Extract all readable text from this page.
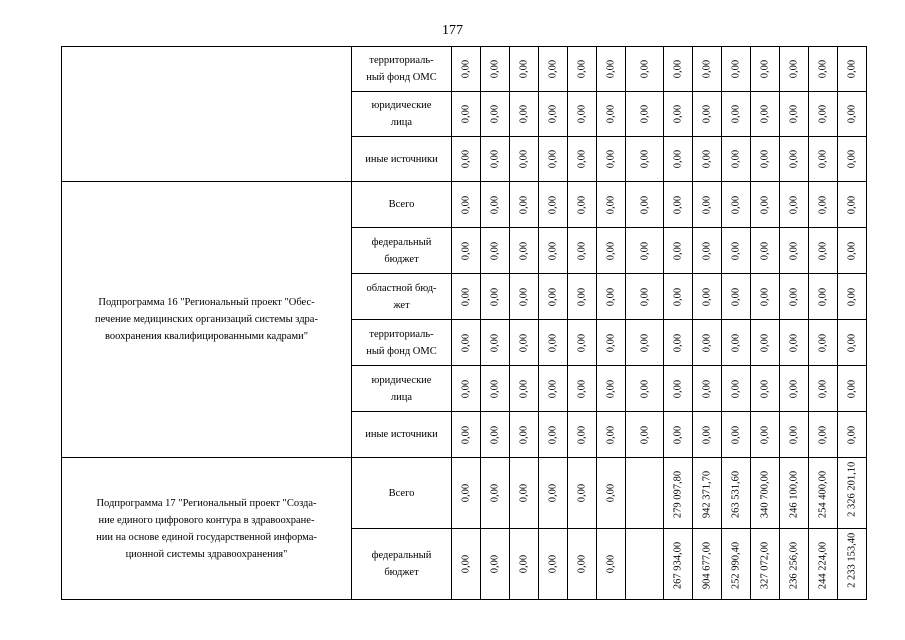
177
	территориаль-
ный фонд ОМС	0,00	0,00	0,00	0,00	0,00	0,00	0,00	0,00	0,00	0,00	0,00	0,00	0,00	0,00

	юридические
лица	0,00	0,00	0,00	0,00	0,00	0,00	0,00	0,00	0,00	0,00	0,00	0,00	0,00	0,00

	иные источники	0,00	0,00	0,00	0,00	0,00	0,00	0,00	0,00	0,00	0,00	0,00	0,00	0,00	0,00

Подпрограмма 16 "Региональный проект "Обес-
печение медицинских организаций системы здра-
воохранения квалифицированными кадрами"	Всего	0,00	0,00	0,00	0,00	0,00	0,00	0,00	0,00	0,00	0,00	0,00	0,00	0,00	0,00

	федеральный
бюджет	0,00	0,00	0,00	0,00	0,00	0,00	0,00	0,00	0,00	0,00	0,00	0,00	0,00	0,00

	областной бюд-
жет	0,00	0,00	0,00	0,00	0,00	0,00	0,00	0,00	0,00	0,00	0,00	0,00	0,00	0,00

	территориаль-
ный фонд ОМС	0,00	0,00	0,00	0,00	0,00	0,00	0,00	0,00	0,00	0,00	0,00	0,00	0,00	0,00

	юридические
лица	0,00	0,00	0,00	0,00	0,00	0,00	0,00	0,00	0,00	0,00	0,00	0,00	0,00	0,00

	иные источники	0,00	0,00	0,00	0,00	0,00	0,00	0,00	0,00	0,00	0,00	0,00	0,00	0,00	0,00

Подпрограмма 17 "Региональный проект "Созда-
ние единого цифрового контура в здравоохране-
нии на основе единой государственной информа-
ционной системы здравоохранения"	Всего	0,00	0,00	0,00	0,00	0,00	0,00		279 097,80	942 371,70	263 531,60	340 700,00	246 100,00	254 400,00	2 326 201,10

	федеральный
бюджет	0,00	0,00	0,00	0,00	0,00	0,00		267 934,00	904 677,00	252 990,40	327 072,00	236 256,00	244 224,00	2 233 153,40
